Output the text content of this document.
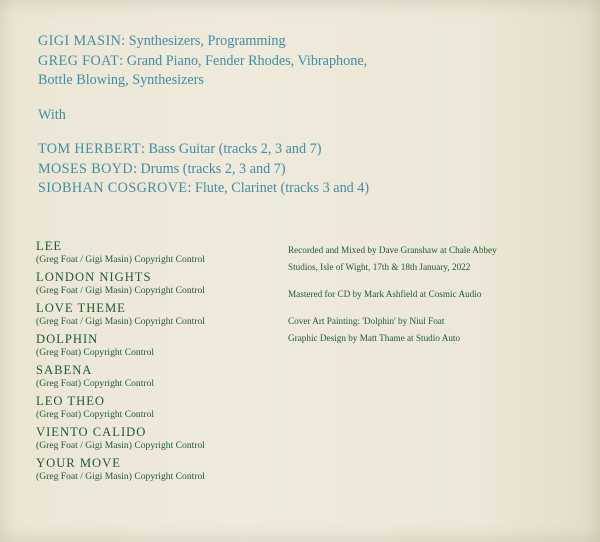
GIGI MASIN: Synthesizers, Programming
GREG FOAT: Grand Piano, Fender Rhodes, Vibraphone,
Bottle Blowing, Synthesizers
With
TOM HERBERT: Bass Guitar (tracks 2, 3 and 7)
MOSES BOYD: Drums (tracks 2, 3 and 7)
SIOBHAN COSGROVE: Flute, Clarinet (tracks 3 and 4)
LEE
(Greg Foat / Gigi Masin) Copyright Control
LONDON NIGHTS
(Greg Foat / Gigi Masin) Copyright Control
LOVE THEME
(Greg Foat / Gigi Masin) Copyright Control
DOLPHIN
(Greg Foat) Copyright Control
SABENA
(Greg Foat) Copyright Control
LEO THEO
(Greg Foat) Copyright Control
VIENTO CALIDO
(Greg Foat / Gigi Masin) Copyright Control
YOUR MOVE
(Greg Foat / Gigi Masin) Copyright Control
Recorded and Mixed by Dave Granshaw at Chale Abbey
Studios, Isle of Wight, 17th & 18th January, 2022
Mastered for CD by Mark Ashfield at Cosmic Audio
Cover Art Painting: 'Dolphin' by Niul Foat
Graphic Design by Matt Thame at Studio Auto
